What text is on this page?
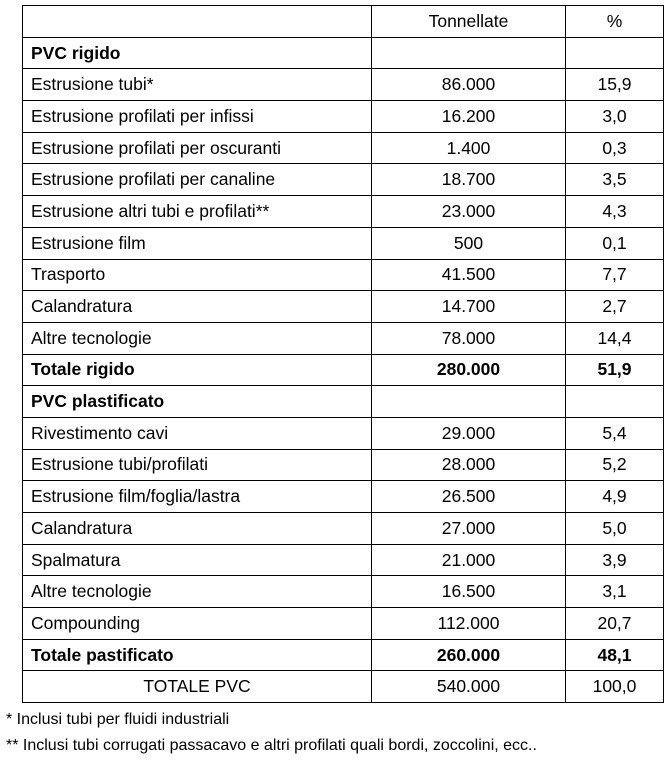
	Tonnellate	%
PVC rigido		
Estrusione tubi*	86.000	15,9
Estrusione profilati per infissi	16.200	3,0
Estrusione profilati per oscuranti	1.400	0,3
Estrusione profilati per canaline	18.700	3,5
Estrusione altri tubi e profilati**	23.000	4,3
Estrusione film	500	0,1
Trasporto	41.500	7,7
Calandratura	14.700	2,7
Altre tecnologie	78.000	14,4
Totale rigido	280.000	51,9
PVC plastificato		
Rivestimento cavi	29.000	5,4
Estrusione tubi/profilati	28.000	5,2
Estrusione film/foglia/lastra	26.500	4,9
Calandratura	27.000	5,0
Spalmatura	21.000	3,9
Altre tecnologie	16.500	3,1
Compounding	112.000	20,7
Totale pastificato	260.000	48,1
TOTALE PVC	540.000	100,0
* Inclusi tubi per fluidi industriali
** Inclusi tubi corrugati passacavo e altri profilati quali bordi, zoccolini, ecc..
